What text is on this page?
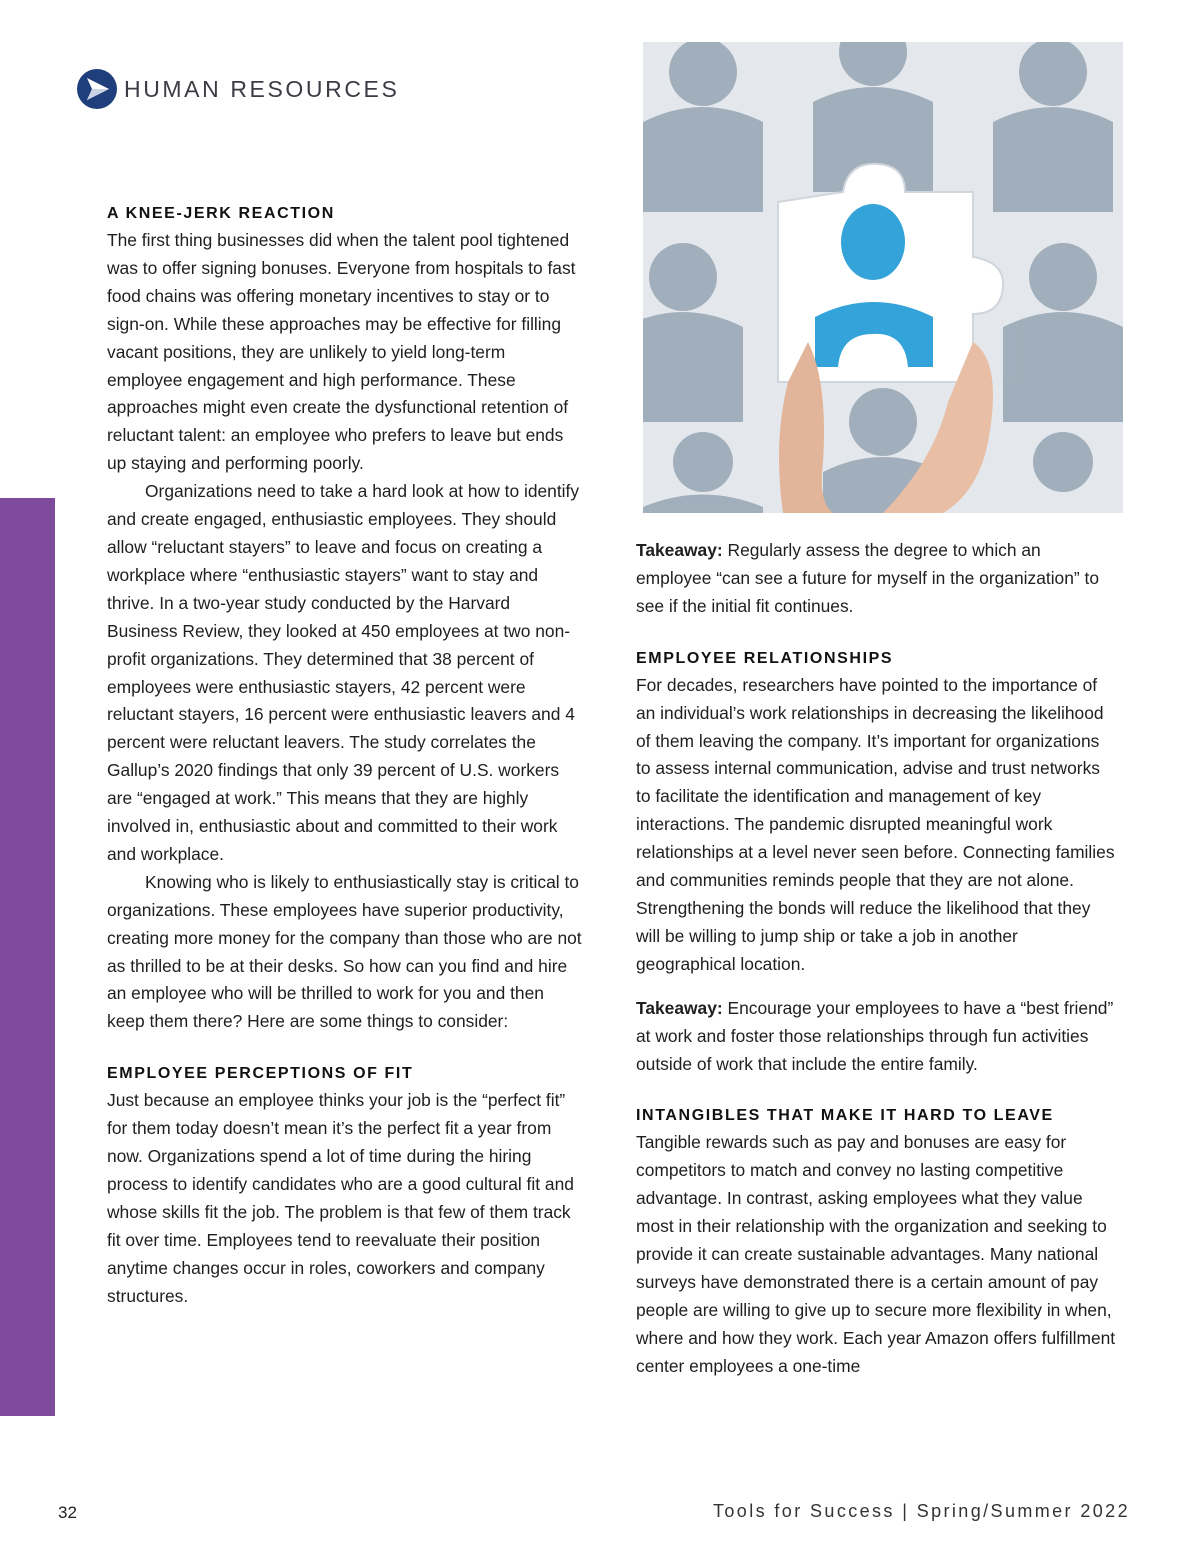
HUMAN RESOURCES

A KNEE-JERK REACTION

The first thing businesses did when the talent pool tightened was to offer signing bonuses. Everyone from hospitals to fast food chains was offering monetary incentives to stay or to sign-on. While these approaches may be effective for filling vacant positions, they are unlikely to yield long-term employee engagement and high performance. These approaches might even create the dysfunctional retention of reluctant talent: an employee who prefers to leave but ends up staying and performing poorly.

Organizations need to take a hard look at how to identify and create engaged, enthusiastic employees. They should allow “reluctant stayers” to leave and focus on creating a workplace where “enthusiastic stayers” want to stay and thrive. In a two-year study conducted by the Harvard Business Review, they looked at 450 employees at two non-profit organizations. They determined that 38 percent of employees were enthusiastic stayers, 42 percent were reluctant stayers, 16 percent were enthusiastic leavers and 4 percent were reluctant leavers. The study correlates the Gallup’s 2020 findings that only 39 percent of U.S. workers are “engaged at work.” This means that they are highly involved in, enthusiastic about and committed to their work and workplace.

Knowing who is likely to enthusiastically stay is critical to organizations. These employees have superior productivity, creating more money for the company than those who are not as thrilled to be at their desks. So how can you find and hire an employee who will be thrilled to work for you and then keep them there? Here are some things to consider:

EMPLOYEE PERCEPTIONS OF FIT

Just because an employee thinks your job is the “perfect fit” for them today doesn’t mean it’s the perfect fit a year from now. Organizations spend a lot of time during the hiring process to identify candidates who are a good cultural fit and whose skills fit the job. The problem is that few of them track fit over time. Employees tend to reevaluate their position anytime changes occur in roles, coworkers and company structures.

Takeaway: Regularly assess the degree to which an employee “can see a future for myself in the organization” to see if the initial fit continues.

EMPLOYEE RELATIONSHIPS

For decades, researchers have pointed to the importance of an individual’s work relationships in decreasing the likelihood of them leaving the company. It’s important for organizations to assess internal communication, advise and trust networks to facilitate the identification and management of key interactions. The pandemic disrupted meaningful work relationships at a level never seen before. Connecting families and communities reminds people that they are not alone. Strengthening the bonds will reduce the likelihood that they will be willing to jump ship or take a job in another geographical location.

Takeaway: Encourage your employees to have a “best friend” at work and foster those relationships through fun activities outside of work that include the entire family.

INTANGIBLES THAT MAKE IT HARD TO LEAVE

Tangible rewards such as pay and bonuses are easy for competitors to match and convey no lasting competitive advantage. In contrast, asking employees what they value most in their relationship with the organization and seeking to provide it can create sustainable advantages. Many national surveys have demonstrated there is a certain amount of pay people are willing to give up to secure more flexibility in when, where and how they work. Each year Amazon offers fulfillment center employees a one-time

32	Tools for Success | Spring/Summer 2022
